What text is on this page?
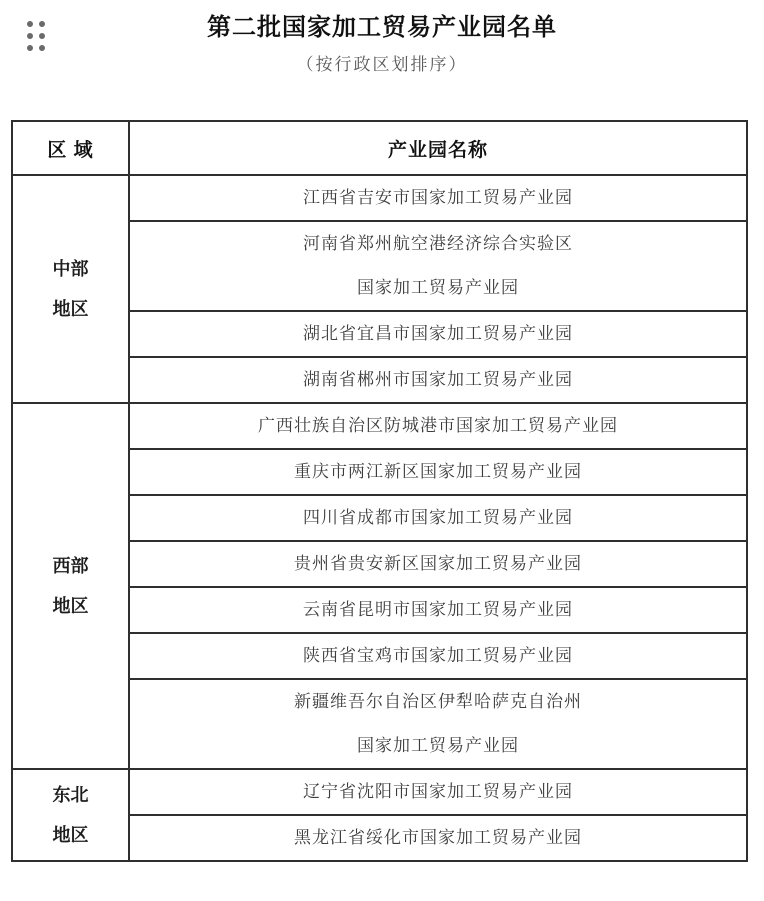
第二批国家加工贸易产业园名单
（按行政区划排序）
区 域	产业园名称

中部
地区	江西省吉安市国家加工贸易产业园

	河南省郑州航空港经济综合实验区
国家加工贸易产业园

	湖北省宜昌市国家加工贸易产业园

	湖南省郴州市国家加工贸易产业园

西部
地区	广西壮族自治区防城港市国家加工贸易产业园

	重庆市两江新区国家加工贸易产业园

	四川省成都市国家加工贸易产业园

	贵州省贵安新区国家加工贸易产业园

	云南省昆明市国家加工贸易产业园

	陕西省宝鸡市国家加工贸易产业园

	新疆维吾尔自治区伊犁哈萨克自治州
国家加工贸易产业园

东北
地区	辽宁省沈阳市国家加工贸易产业园

	黑龙江省绥化市国家加工贸易产业园
